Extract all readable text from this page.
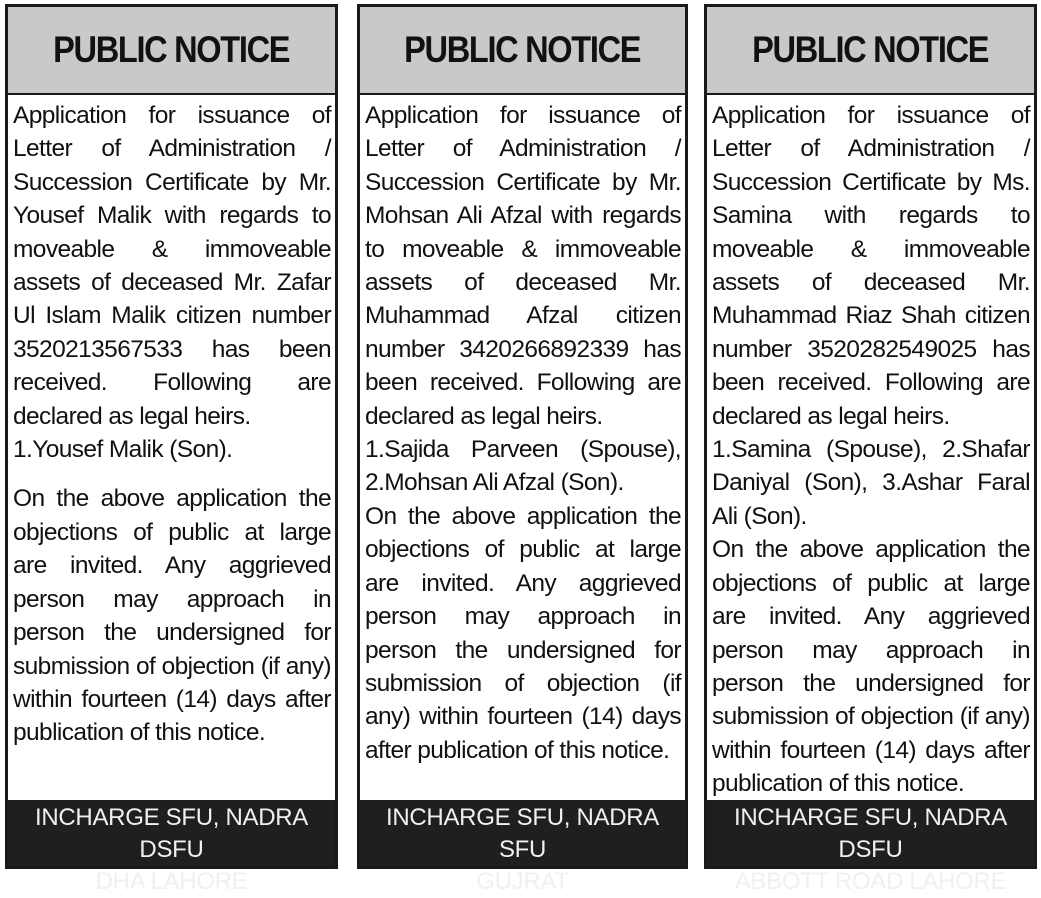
PUBLIC NOTICE

Application for issuance of Letter of Administration / Succession Certificate by Mr. Yousef Malik with regards to moveable & immoveable assets of deceased Mr. Zafar Ul Islam Malik citizen number 3520213567533 has been received. Following are declared as legal heirs.

1.Yousef Malik (Son).

On the above application the objections of public at large are invited. Any aggrieved person may approach in person the undersigned for submission of objection (if any) within fourteen (14) days after publication of this notice.

INCHARGE SFU, NADRA DSFU
DHA LAHORE
PUBLIC NOTICE

Application for issuance of Letter of Administration / Succession Certificate by Mr. Mohsan Ali Afzal with regards to moveable & immoveable assets of deceased Mr. Muhammad Afzal citizen number 3420266892339 has been received. Following are declared as legal heirs.

1.Sajida Parveen (Spouse), 2.Mohsan Ali Afzal (Son).

On the above application the objections of public at large are invited. Any aggrieved person may approach in person the undersigned for submission of objection (if any) within fourteen (14) days after publication of this notice.

INCHARGE SFU, NADRA SFU
GUJRAT
PUBLIC NOTICE

Application for issuance of Letter of Administration / Succession Certificate by Ms. Samina with regards to moveable & immoveable assets of deceased Mr. Muhammad Riaz Shah citizen number 3520282549025 has been received. Following are declared as legal heirs.

1.Samina (Spouse), 2.Shafar Daniyal (Son), 3.Ashar Faral Ali (Son).

On the above application the objections of public at large are invited. Any aggrieved person may approach in person the undersigned for submission of objection (if any) within fourteen (14) days after publication of this notice.

INCHARGE SFU, NADRA DSFU
ABBOTT ROAD LAHORE
